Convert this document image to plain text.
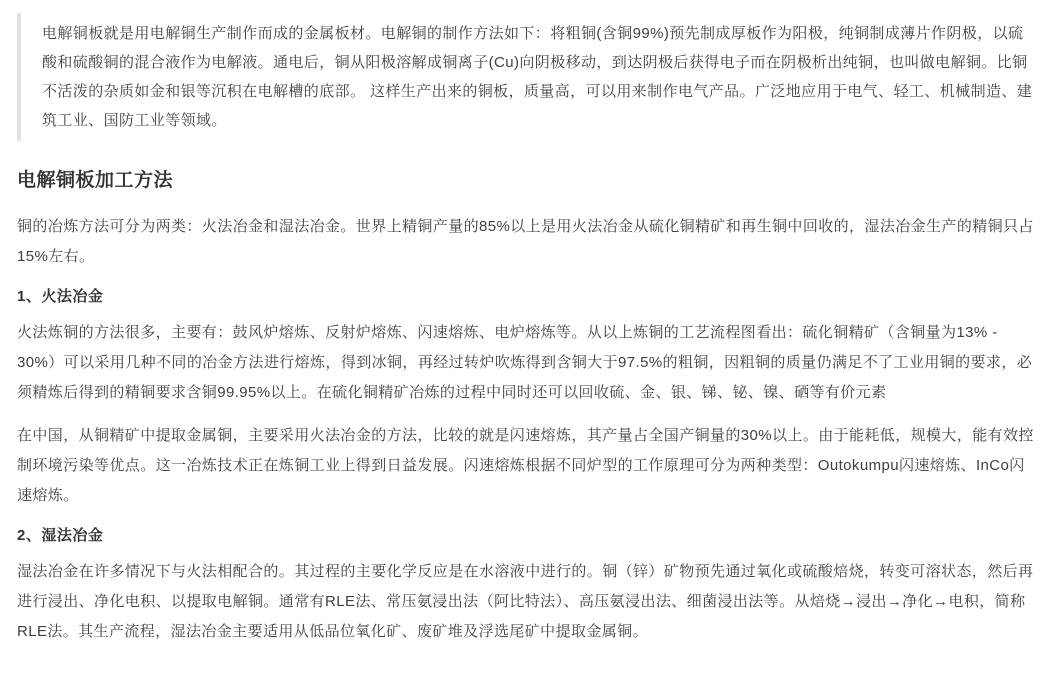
电解铜板就是用电解铜生产制作而成的金属板材。电解铜的制作方法如下：将粗铜(含铜99%)预先制成厚板作为阳极，纯铜制成薄片作阴极，以硫酸和硫酸铜的混合液作为电解液。通电后，铜从阳极溶解成铜离子(Cu)向阴极移动，到达阴极后获得电子而在阴极析出纯铜，也叫做电解铜。比铜不活泼的杂质如金和银等沉积在电解槽的底部。 这样生产出来的铜板，质量高，可以用来制作电气产品。广泛地应用于电气、轻工、机械制造、建筑工业、国防工业等领域。

电解铜板加工方法

铜的冶炼方法可分为两类：火法冶金和湿法冶金。世界上精铜产量的85%以上是用火法冶金从硫化铜精矿和再生铜中回收的，湿法冶金生产的精铜只占15%左右。

1、火法冶金

火法炼铜的方法很多，主要有：鼓风炉熔炼、反射炉熔炼、闪速熔炼、电炉熔炼等。从以上炼铜的工艺流程图看出：硫化铜精矿（含铜量为13% - 30%）可以采用几种不同的冶金方法进行熔炼，得到冰铜，再经过转炉吹炼得到含铜大于97.5%的粗铜，因粗铜的质量仍满足不了工业用铜的要求，必须精炼后得到的精铜要求含铜99.95%以上。在硫化铜精矿冶炼的过程中同时还可以回收硫、金、银、锑、铋、镍、硒等有价元素

在中国，从铜精矿中提取金属铜，主要采用火法冶金的方法，比较的就是闪速熔炼，其产量占全国产铜量的30%以上。由于能耗低，规模大，能有效控制环境污染等优点。这一冶炼技术正在炼铜工业上得到日益发展。闪速熔炼根据不同炉型的工作原理可分为两种类型：Outokumpu闪速熔炼、InCo闪速熔炼。

2、湿法冶金

湿法冶金在许多情况下与火法相配合的。其过程的主要化学反应是在水溶液中进行的。铜（锌）矿物预先通过氧化或硫酸焙烧，转变可溶状态，然后再进行浸出、净化电积、以提取电解铜。通常有RLE法、常压氨浸出法（阿比特法）、高压氨浸出法、细菌浸出法等。从焙烧→浸出→净化→电积，简称RLE法。其生产流程，湿法冶金主要适用从低品位氧化矿、废矿堆及浮选尾矿中提取金属铜。
